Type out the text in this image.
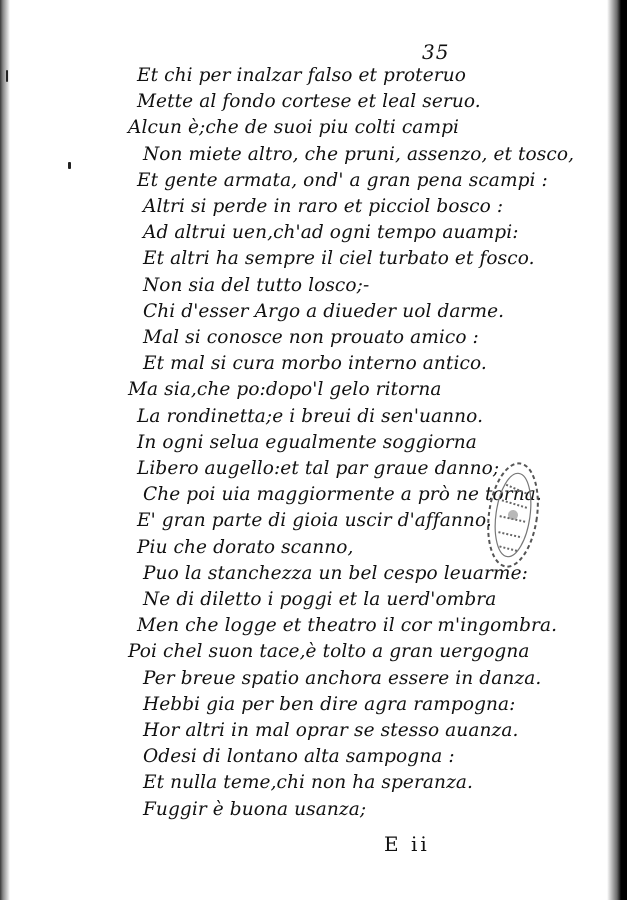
35
Et chi per inalzar falso et proteruo
Mette al fondo cortese et leal seruo.
Alcun è;che de suoi piu colti campi
Non miete altro, che pruni, assenzo, et tosco,
Et gente armata, ond' a gran pena scampi :
Altri si perde in raro et picciol bosco :
Ad altrui uen,ch'ad ogni tempo auampi:
Et altri ha sempre il ciel turbato et fosco.
Non sia del tutto losco;-
Chi d'esser Argo a diueder uol darme.
Mal si conosce non prouato amico :
Et mal si cura morbo interno antico.
Ma sia,che po:dopo'l gelo ritorna
La rondinetta;e i breui di sen'uanno.
In ogni selua egualmente soggiorna
Libero augello:et tal par graue danno;
Che poi uia maggiormente a prò ne torna.
E' gran parte di gioia uscir d'affanno.
Piu che dorato scanno,
Puo la stanchezza un bel cespo leuarme:
Ne di diletto i poggi et la uerd'ombra
Men che logge et theatro il cor m'ingombra.
Poi chel suon tace,è tolto a gran uergogna
Per breue spatio anchora essere in danza.
Hebbi gia per ben dire agra rampogna:
Hor altri in mal oprar se stesso auanza.
Odesi di lontano alta sampogna :
Et nulla teme,chi non ha speranza.
Fuggir è buona usanza;
E ii
